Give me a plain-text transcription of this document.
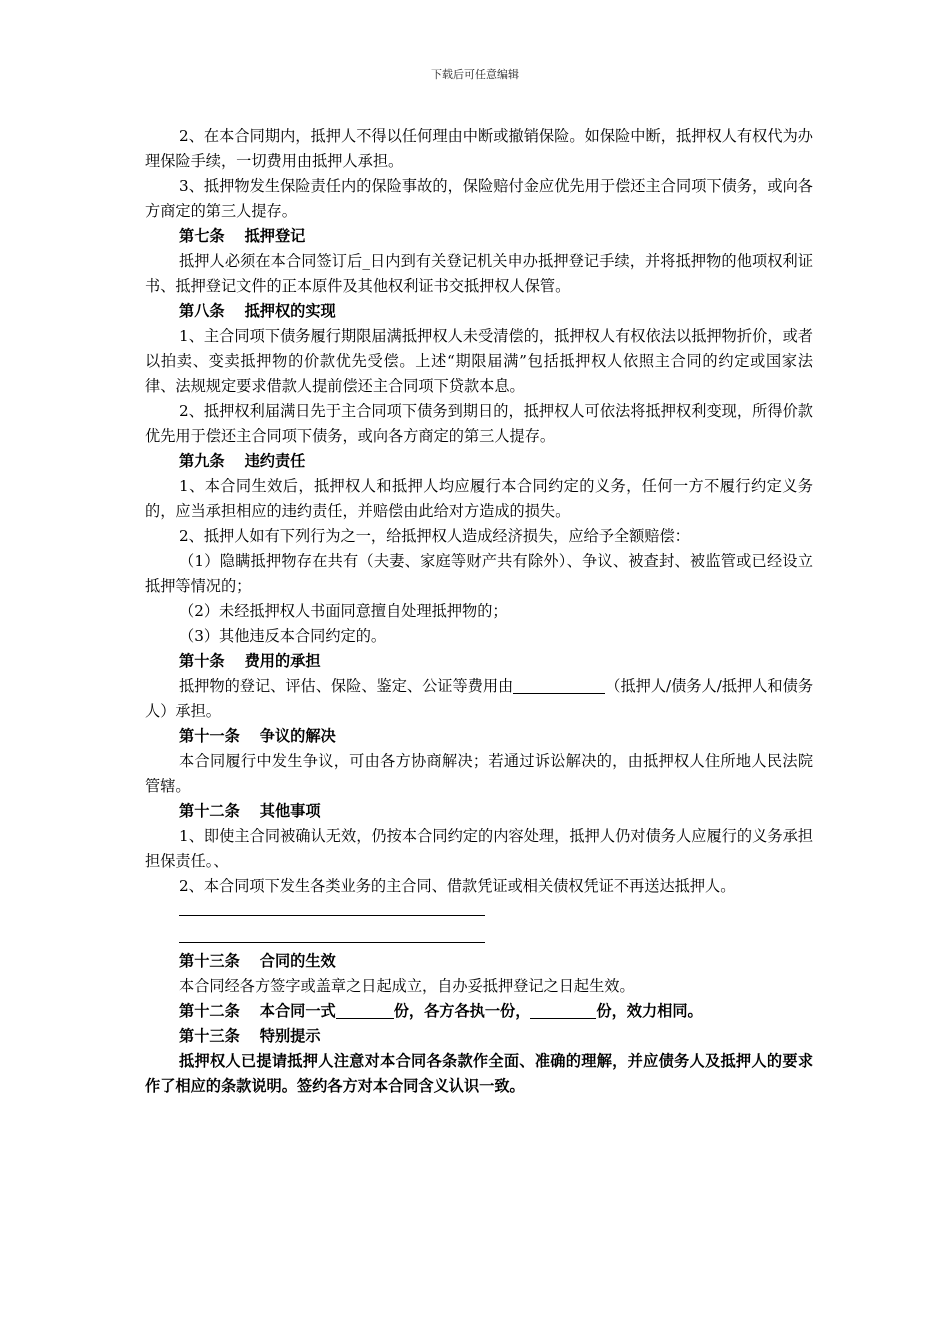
下载后可任意编辑

2、在本合同期内，抵押人不得以任何理由中断或撤销保险。如保险中断，抵押权人有权代为办理保险手续，一切费用由抵押人承担。

3、抵押物发生保险责任内的保险事故的，保险赔付金应优先用于偿还主合同项下债务，或向各方商定的第三人提存。

第七条 抵押登记

抵押人必须在本合同签订后_日内到有关登记机关申办抵押登记手续，并将抵押物的他项权利证书、抵押登记文件的正本原件及其他权利证书交抵押权人保管。

第八条 抵押权的实现

1、主合同项下债务履行期限届满抵押权人未受清偿的，抵押权人有权依法以抵押物折价，或者以拍卖、变卖抵押物的价款优先受偿。上述“期限届满”包括抵押权人依照主合同的约定或国家法律、法规规定要求借款人提前偿还主合同项下贷款本息。

2、抵押权利届满日先于主合同项下债务到期日的，抵押权人可依法将抵押权利变现，所得价款优先用于偿还主合同项下债务，或向各方商定的第三人提存。

第九条 违约责任

1、本合同生效后，抵押权人和抵押人均应履行本合同约定的义务，任何一方不履行约定义务的，应当承担相应的违约责任，并赔偿由此给对方造成的损失。

2、抵押人如有下列行为之一，给抵押权人造成经济损失，应给予全额赔偿：

（1）隐瞒抵押物存在共有（夫妻、家庭等财产共有除外）、争议、被查封、被监管或已经设立抵押等情况的；

（2）未经抵押权人书面同意擅自处理抵押物的；

（3）其他违反本合同约定的。

第十条 费用的承担

抵押物的登记、评估、保险、鉴定、公证等费用由	（抵押人/债务人/抵押人和债务人）承担。

第十一条 争议的解决

本合同履行中发生争议，可由各方协商解决；若通过诉讼解决的，由抵押权人住所地人民法院管辖。

第十二条 其他事项

1、即使主合同被确认无效，仍按本合同约定的内容处理，抵押人仍对债务人应履行的义务承担担保责任。、

2、本合同项下发生各类业务的主合同、借款凭证或相关债权凭证不再送达抵押人。

第十三条 合同的生效

本合同经各方签字或盖章之日起成立，自办妥抵押登记之日起生效。

第十二条 本合同一式	份，各方各执一份，	份，效力相同。

第十三条 特别提示

抵押权人已提请抵押人注意对本合同各条款作全面、准确的理解，并应债务人及抵押人的要求作了相应的条款说明。签约各方对本合同含义认识一致。
